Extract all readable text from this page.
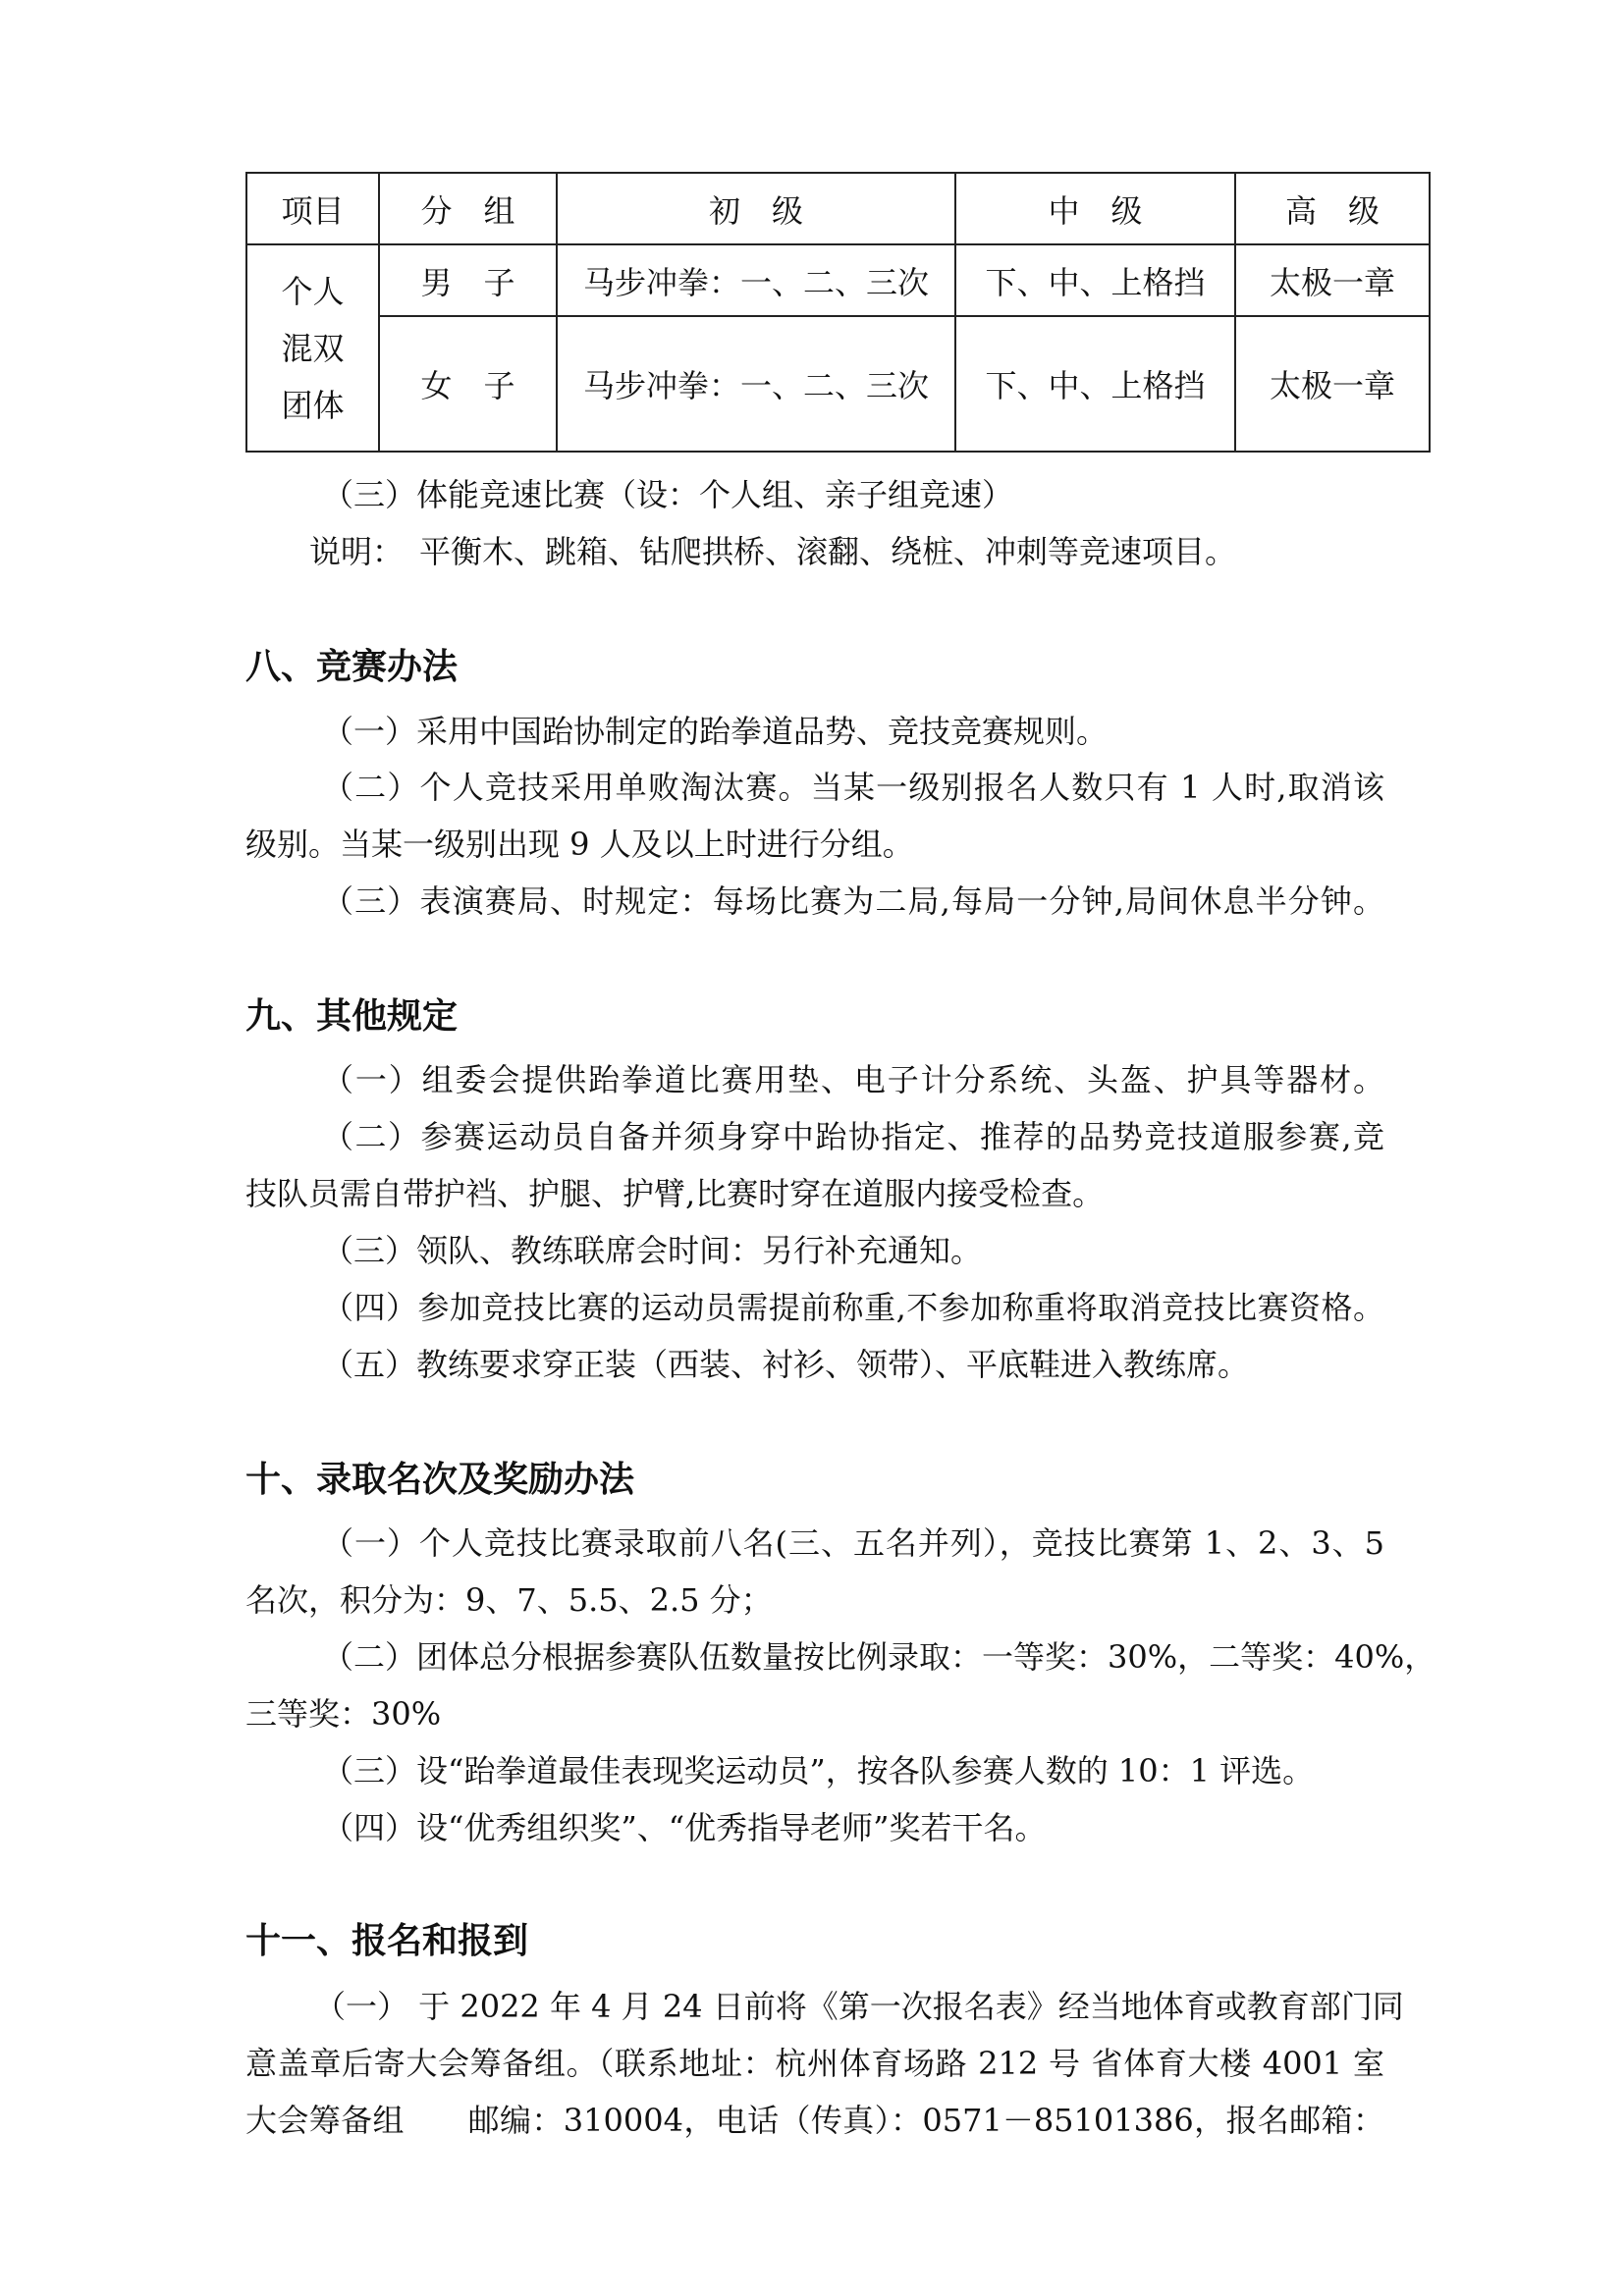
项目	分　组	初　级	中　级	高　级

个人
混双
团体	男　子	马步冲拳：一、二、三次	下、中、上格挡	太极一章
	女　子	马步冲拳：一、二、三次	下、中、上格挡	太极一章
（三）体能竞速比赛（设：个人组、亲子组竞速）
说明：　平衡木、跳箱、钻爬拱桥、滚翻、绕桩、冲刺等竞速项目。
八、竞赛办法
（一）采用中国跆协制定的跆拳道品势、竞技竞赛规则。
（二）个人竞技采用单败淘汰赛。当某一级别报名人数只有 1 人时,取消该
级别。当某一级别出现 9 人及以上时进行分组。
（三）表演赛局、时规定：每场比赛为二局,每局一分钟,局间休息半分钟。
九、其他规定
（一）组委会提供跆拳道比赛用垫、电子计分系统、头盔、护具等器材。
（二）参赛运动员自备并须身穿中跆协指定、推荐的品势竞技道服参赛,竞
技队员需自带护裆、护腿、护臂,比赛时穿在道服内接受检查。
（三）领队、教练联席会时间：另行补充通知。
（四）参加竞技比赛的运动员需提前称重,不参加称重将取消竞技比赛资格。
（五）教练要求穿正装（西装、衬衫、领带）、平底鞋进入教练席。
十、录取名次及奖励办法
（一）个人竞技比赛录取前八名(三、五名并列），竞技比赛第 1、2、3、5
名次，积分为：9、7、5.5、2.5 分；
（二）团体总分根据参赛队伍数量按比例录取：一等奖：30%，二等奖：40%，
三等奖：30%
（三）设“跆拳道最佳表现奖运动员”，按各队参赛人数的 10：1 评选。
（四）设“优秀组织奖”、“优秀指导老师”奖若干名。
十一、报名和报到
（一） 于 2022 年 4 月 24 日前将《第一次报名表》经当地体育或教育部门同
意盖章后寄大会筹备组。（联系地址：杭州体育场路 212 号 省体育大楼 4001 室
大会筹备组　　邮编：310004，电话（传真）：0571－85101386，报名邮箱：
